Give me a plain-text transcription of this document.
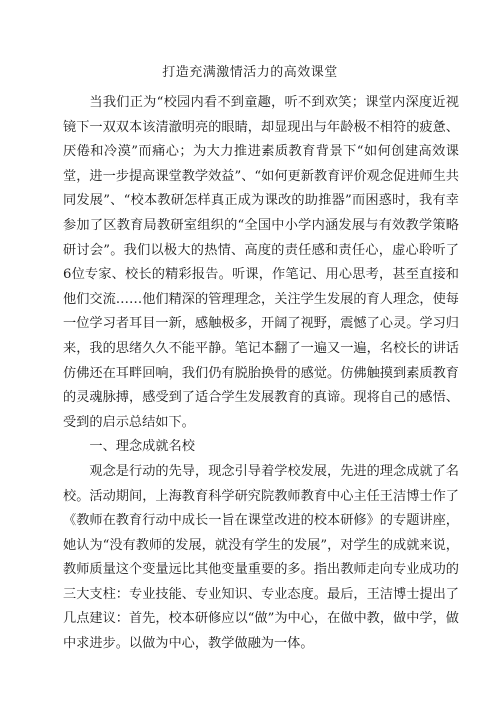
打造充满激情活力的高效课堂

当我们正为“校园内看不到童趣，听不到欢笑；课堂内深度近视镜下一双双本该清澈明亮的眼睛，却显现出与年龄极不相符的疲惫、厌倦和冷漠”而痛心；为大力推进素质教育背景下“如何创建高效课堂，进一步提高课堂教学效益”、“如何更新教育评价观念促进师生共同发展”、“校本教研怎样真正成为课改的助推器”而困惑时，我有幸参加了区教育局教研室组织的“全国中小学内涵发展与有效教学策略研讨会”。我们以极大的热情、高度的责任感和责任心，虚心聆听了6位专家、校长的精彩报告。听课，作笔记、用心思考，甚至直接和他们交流……他们精深的管理理念，关注学生发展的育人理念，使每一位学习者耳目一新，感触极多，开阔了视野，震憾了心灵。学习归来，我的思绪久久不能平静。笔记本翻了一遍又一遍，名校长的讲话仿佛还在耳畔回响，我们仍有脱胎换骨的感觉。仿佛触摸到素质教育的灵魂脉搏，感受到了适合学生发展教育的真谛。现将自己的感悟、受到的启示总结如下。

一、理念成就名校

观念是行动的先导，现念引导着学校发展，先进的理念成就了名校。活动期间，上海教育科学研究院教师教育中心主任王洁博士作了《教师在教育行动中成长一旨在课堂改进的校本研修》的专题讲座，她认为“没有教师的发展，就没有学生的发展”，对学生的成就来说，教师质量这个变量远比其他变量重要的多。指出教师走向专业成功的三大支柱：专业技能、专业知识、专业态度。最后，王洁博士提出了几点建议：首先，校本研修应以“做”为中心，在做中教，做中学，做中求进步。以做为中心，教学做融为一体。
